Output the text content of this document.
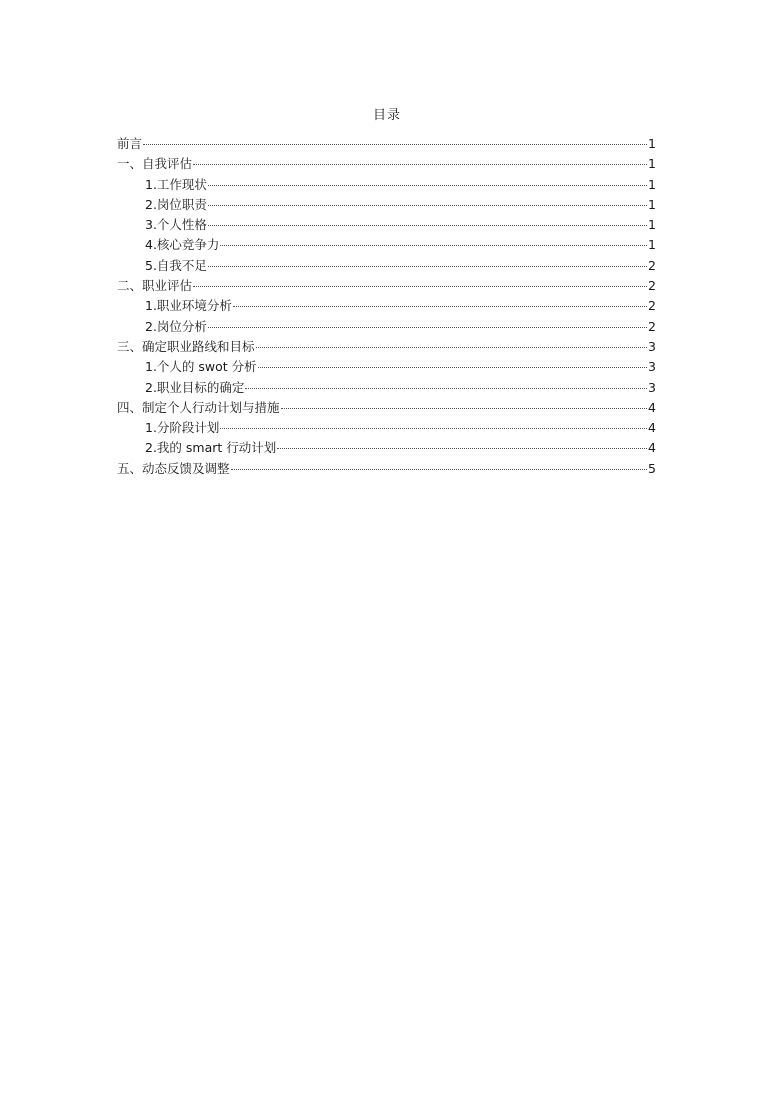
目录
前言	1
一、自我评估	1
1.工作现状	1
2.岗位职责	1
3.个人性格	1
4.核心竞争力	1
5.自我不足	2
二、职业评估	2
1.职业环境分析	2
2.岗位分析	2
三、确定职业路线和目标	3
1.个人的 swot 分析	3
2.职业目标的确定	3
四、制定个人行动计划与措施	4
1.分阶段计划	4
2.我的 smart 行动计划	4
五、动态反馈及调整	5
